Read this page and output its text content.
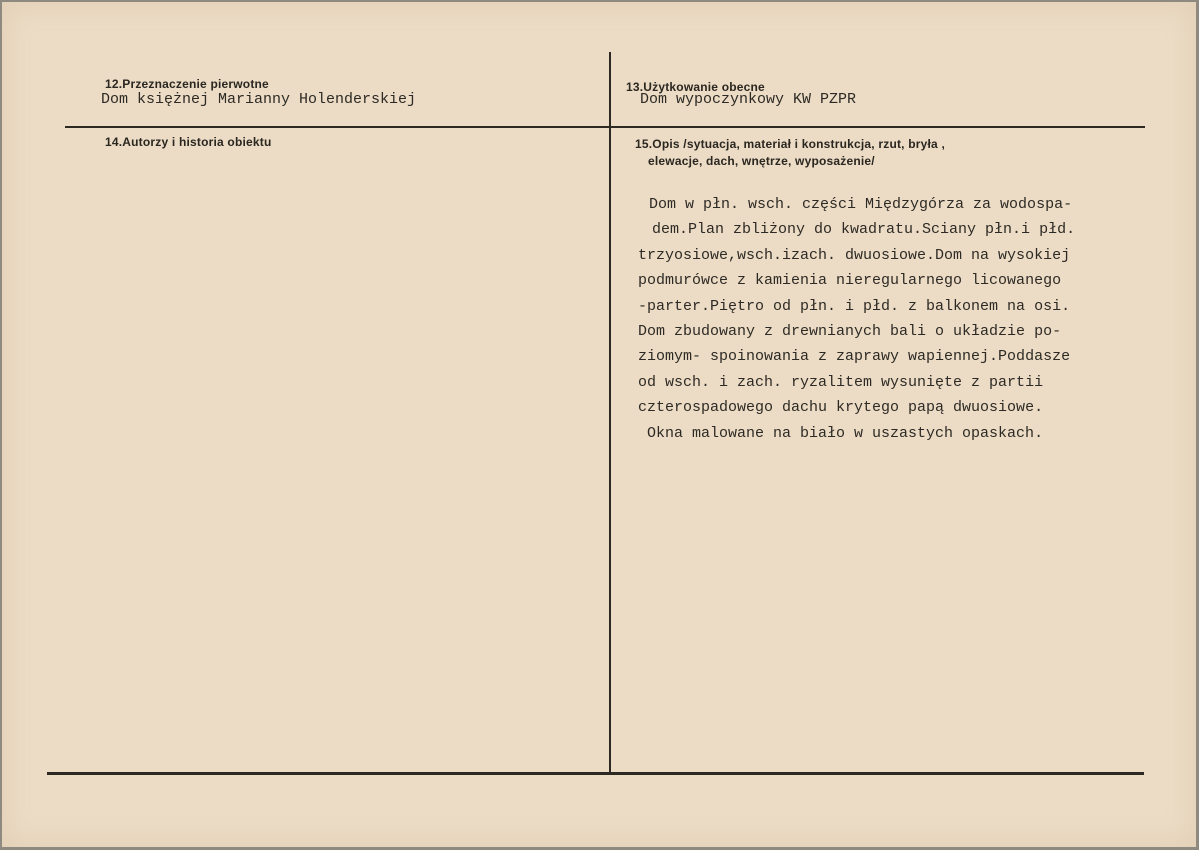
12.Przeznaczenie pierwotne
Dom księżnej Marianny Holenderskiej
13.Użytkowanie obecne
Dom wypoczynkowy KW PZPR
14.Autorzy i historia obiektu	15.Opis /sytuacja, materiał i konstrukcja, rzut, bryła ,
elewacje, dach, wnętrze, wyposażenie/
Dom w płn. wsch. części Międzygórza za wodospa-
dem.Plan zbliżony do kwadratu.Sciany płn.i płd.
trzyosiowe,wsch.izach. dwuosiowe.Dom na wysokiej
podmurówce z kamienia nieregularnego licowanego
-parter.Piętro od płn. i płd. z balkonem na osi.
Dom zbudowany z drewnianych bali o układzie po-
ziomym- spoinowania z zaprawy wapiennej.Poddasze
od wsch. i zach. ryzalitem wysunięte z partii
czterospadowego dachu krytego papą dwuosiowe.
Okna malowane na biało w uszastych opaskach.
